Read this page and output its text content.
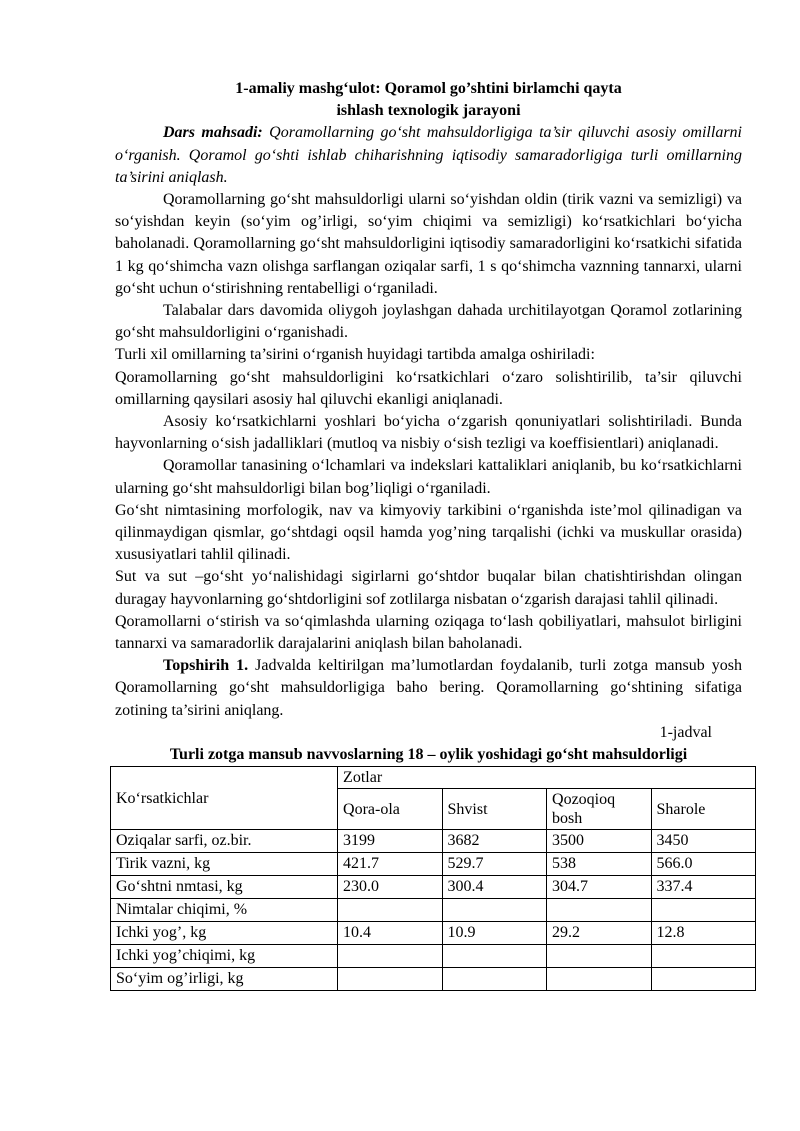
1-amaliy mashg‘ulot: Qoramol go’shtini birlamchi qayta
ishlash texnologik jarayoni

Dars mahsadi: Qoramollarning go‘sht mahsuldorligiga ta’sir qiluvchi asosiy omillarni o‘rganish. Qoramol go‘shti ishlab chiharishning iqtisodiy samaradorligiga turli omillarning ta’sirini aniqlash.

Qoramollarning go‘sht mahsuldorligi ularni so‘yishdan oldin (tirik vazni va semizligi) va so‘yishdan keyin (so‘yim og’irligi, so‘yim chiqimi va semizligi) ko‘rsatkichlari bo‘yicha baholanadi. Qoramollarning go‘sht mahsuldorligini iqtisodiy samaradorligini ko‘rsatkichi sifatida 1 kg qo‘shimcha vazn olishga sarflangan oziqalar sarfi, 1 s qo‘shimcha vaznning tannarxi, ularni go‘sht uchun o‘stirishning rentabelligi o‘rganiladi.

Talabalar dars davomida oliygoh joylashgan dahada urchitilayotgan Qoramol zotlarining go‘sht mahsuldorligini o‘rganishadi.

Turli xil omillarning ta’sirini o‘rganish huyidagi tartibda amalga oshiriladi:

Qoramollarning go‘sht mahsuldorligini ko‘rsatkichlari o‘zaro solishtirilib, ta’sir qiluvchi omillarning qaysilari asosiy hal qiluvchi ekanligi aniqlanadi.

Asosiy ko‘rsatkichlarni yoshlari bo‘yicha o‘zgarish qonuniyatlari solishtiriladi. Bunda hayvonlarning o‘sish jadalliklari (mutloq va nisbiy o‘sish tezligi va koeffisientlari) aniqlanadi.

Qoramollar tanasining o‘lchamlari va indekslari kattaliklari aniqlanib, bu ko‘rsatkichlarni ularning go‘sht mahsuldorligi bilan bog’liqligi o‘rganiladi.

Go‘sht nimtasining morfologik, nav va kimyoviy tarkibini o‘rganishda iste’mol qilinadigan va qilinmaydigan qismlar, go‘shtdagi oqsil hamda yog’ning tarqalishi (ichki va muskullar orasida) xususiyatlari tahlil qilinadi.

Sut va sut –go‘sht yo‘nalishidagi sigirlarni go‘shtdor buqalar bilan chatishtirishdan olingan duragay hayvonlarning go‘shtdorligini sof zotlilarga nisbatan o‘zgarish darajasi tahlil qilinadi.

Qoramollarni o‘stirish va so‘qimlashda ularning oziqaga to‘lash qobiliyatlari, mahsulot birligini tannarxi va samaradorlik darajalarini aniqlash bilan baholanadi.

Topshirih 1. Jadvalda keltirilgan ma’lumotlardan foydalanib, turli zotga mansub yosh Qoramollarning go‘sht mahsuldorligiga baho bering. Qoramollarning go‘shtining sifatiga zotining ta’sirini aniqlang.

1-jadval

Turli zotga mansub navvoslarning 18 – oylik yoshidagi go‘sht mahsuldorligi

Ko‘rsatkichlar	Zotlar			
	Qora-ola	Shvist	Qozoqioq bosh	Sharole
Oziqalar sarfi, oz.bir.	3199	3682	3500	3450
Tirik vazni, kg	421.7	529.7	538	566.0
Go‘shtni nmtasi, kg	230.0	300.4	304.7	337.4
Nimtalar chiqimi, %				
Ichki yog’, kg	10.4	10.9	29.2	12.8
Ichki yog’chiqimi, kg				
So‘yim og’irligi, kg				
